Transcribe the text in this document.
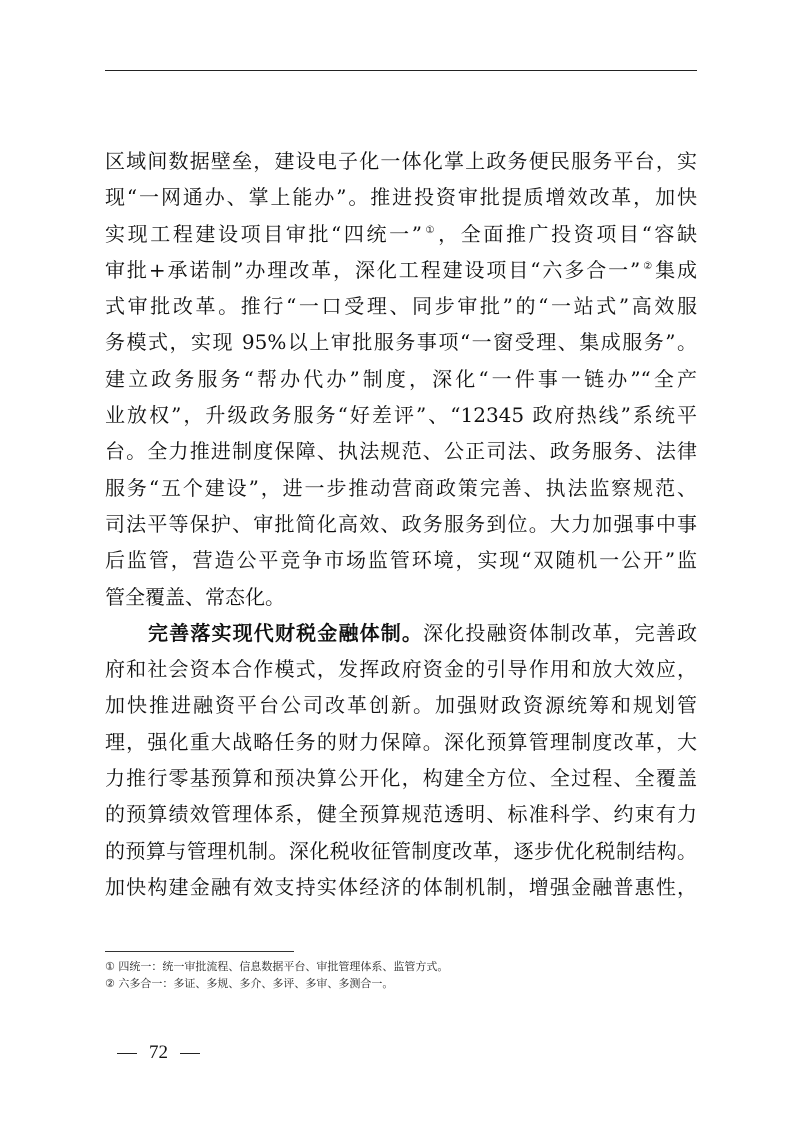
区域间数据壁垒，建设电子化一体化掌上政务便民服务平台，实
现“一网通办、掌上能办”。推进投资审批提质增效改革，加快
实现工程建设项目审批“四统一”①，全面推广投资项目“容缺
审批+承诺制”办理改革，深化工程建设项目“六多合一”②集成
式审批改革。推行“一口受理、同步审批”的“一站式”高效服
务模式，实现 95%以上审批服务事项“一窗受理、集成服务”。
建立政务服务“帮办代办”制度，深化“一件事一链办”“全产
业放权”，升级政务服务“好差评”、“12345 政府热线”系统平
台。全力推进制度保障、执法规范、公正司法、政务服务、法律
服务“五个建设”，进一步推动营商政策完善、执法监察规范、
司法平等保护、审批简化高效、政务服务到位。大力加强事中事
后监管，营造公平竞争市场监管环境，实现“双随机一公开”监
管全覆盖、常态化。
完善落实现代财税金融体制。深化投融资体制改革，完善政
府和社会资本合作模式，发挥政府资金的引导作用和放大效应，
加快推进融资平台公司改革创新。加强财政资源统筹和规划管
理，强化重大战略任务的财力保障。深化预算管理制度改革，大
力推行零基预算和预决算公开化，构建全方位、全过程、全覆盖
的预算绩效管理体系，健全预算规范透明、标准科学、约束有力
的预算与管理机制。深化税收征管制度改革，逐步优化税制结构。
加快构建金融有效支持实体经济的体制机制，增强金融普惠性，
① 四统一：统一审批流程、信息数据平台、审批管理体系、监管方式。
② 六多合一：多证、多规、多介、多评、多审、多测合一。
72
